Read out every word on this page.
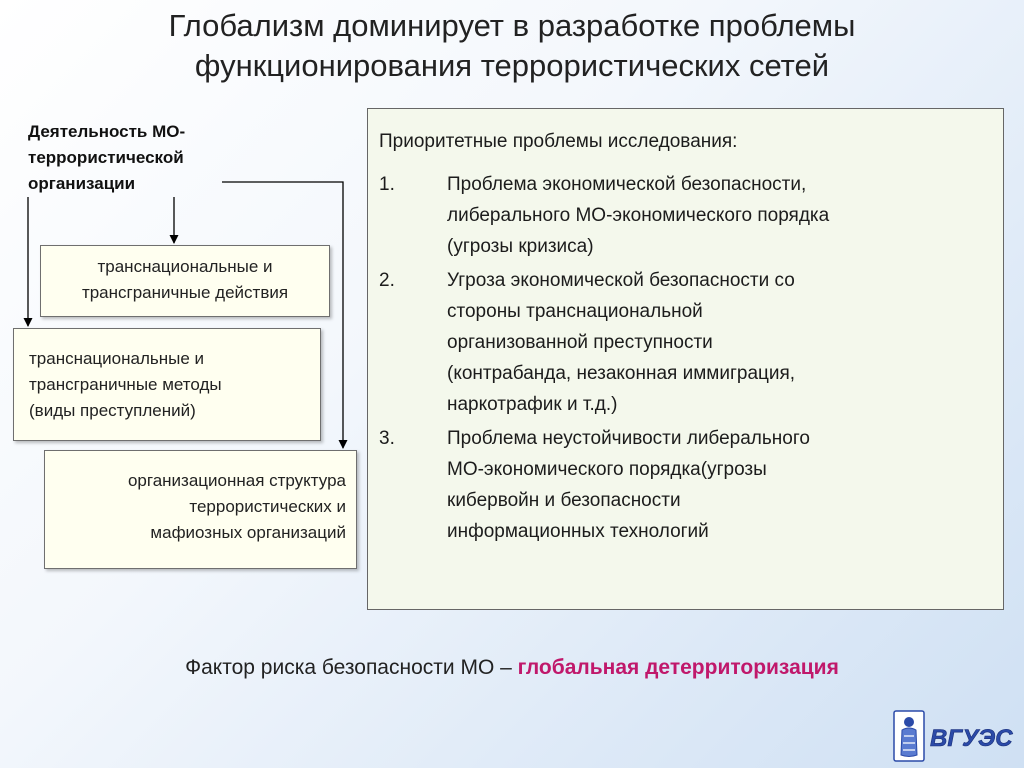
Глобализм доминирует в разработке проблемы
функционирования террористических сетей
Деятельность МО-
террористической
организации
транснациональные и
трансграничные действия
транснациональные и
трансграничные методы
(виды преступлений)
организационная структура
террористических и
мафиозных организаций
Приоритетные проблемы исследования:
1.	Проблема экономической безопасности,
либерального МО-экономического порядка
(угрозы кризиса)
2.	Угроза экономической безопасности со
стороны транснациональной
организованной преступности
(контрабанда, незаконная иммиграция,
наркотрафик и т.д.)
3.	Проблема неустойчивости либерального
МО-экономического порядка(угрозы
кибервойн и безопасности
информационных технологий
Фактор риска безопасности МО – глобальная детерриторизация
ВГУЭС
